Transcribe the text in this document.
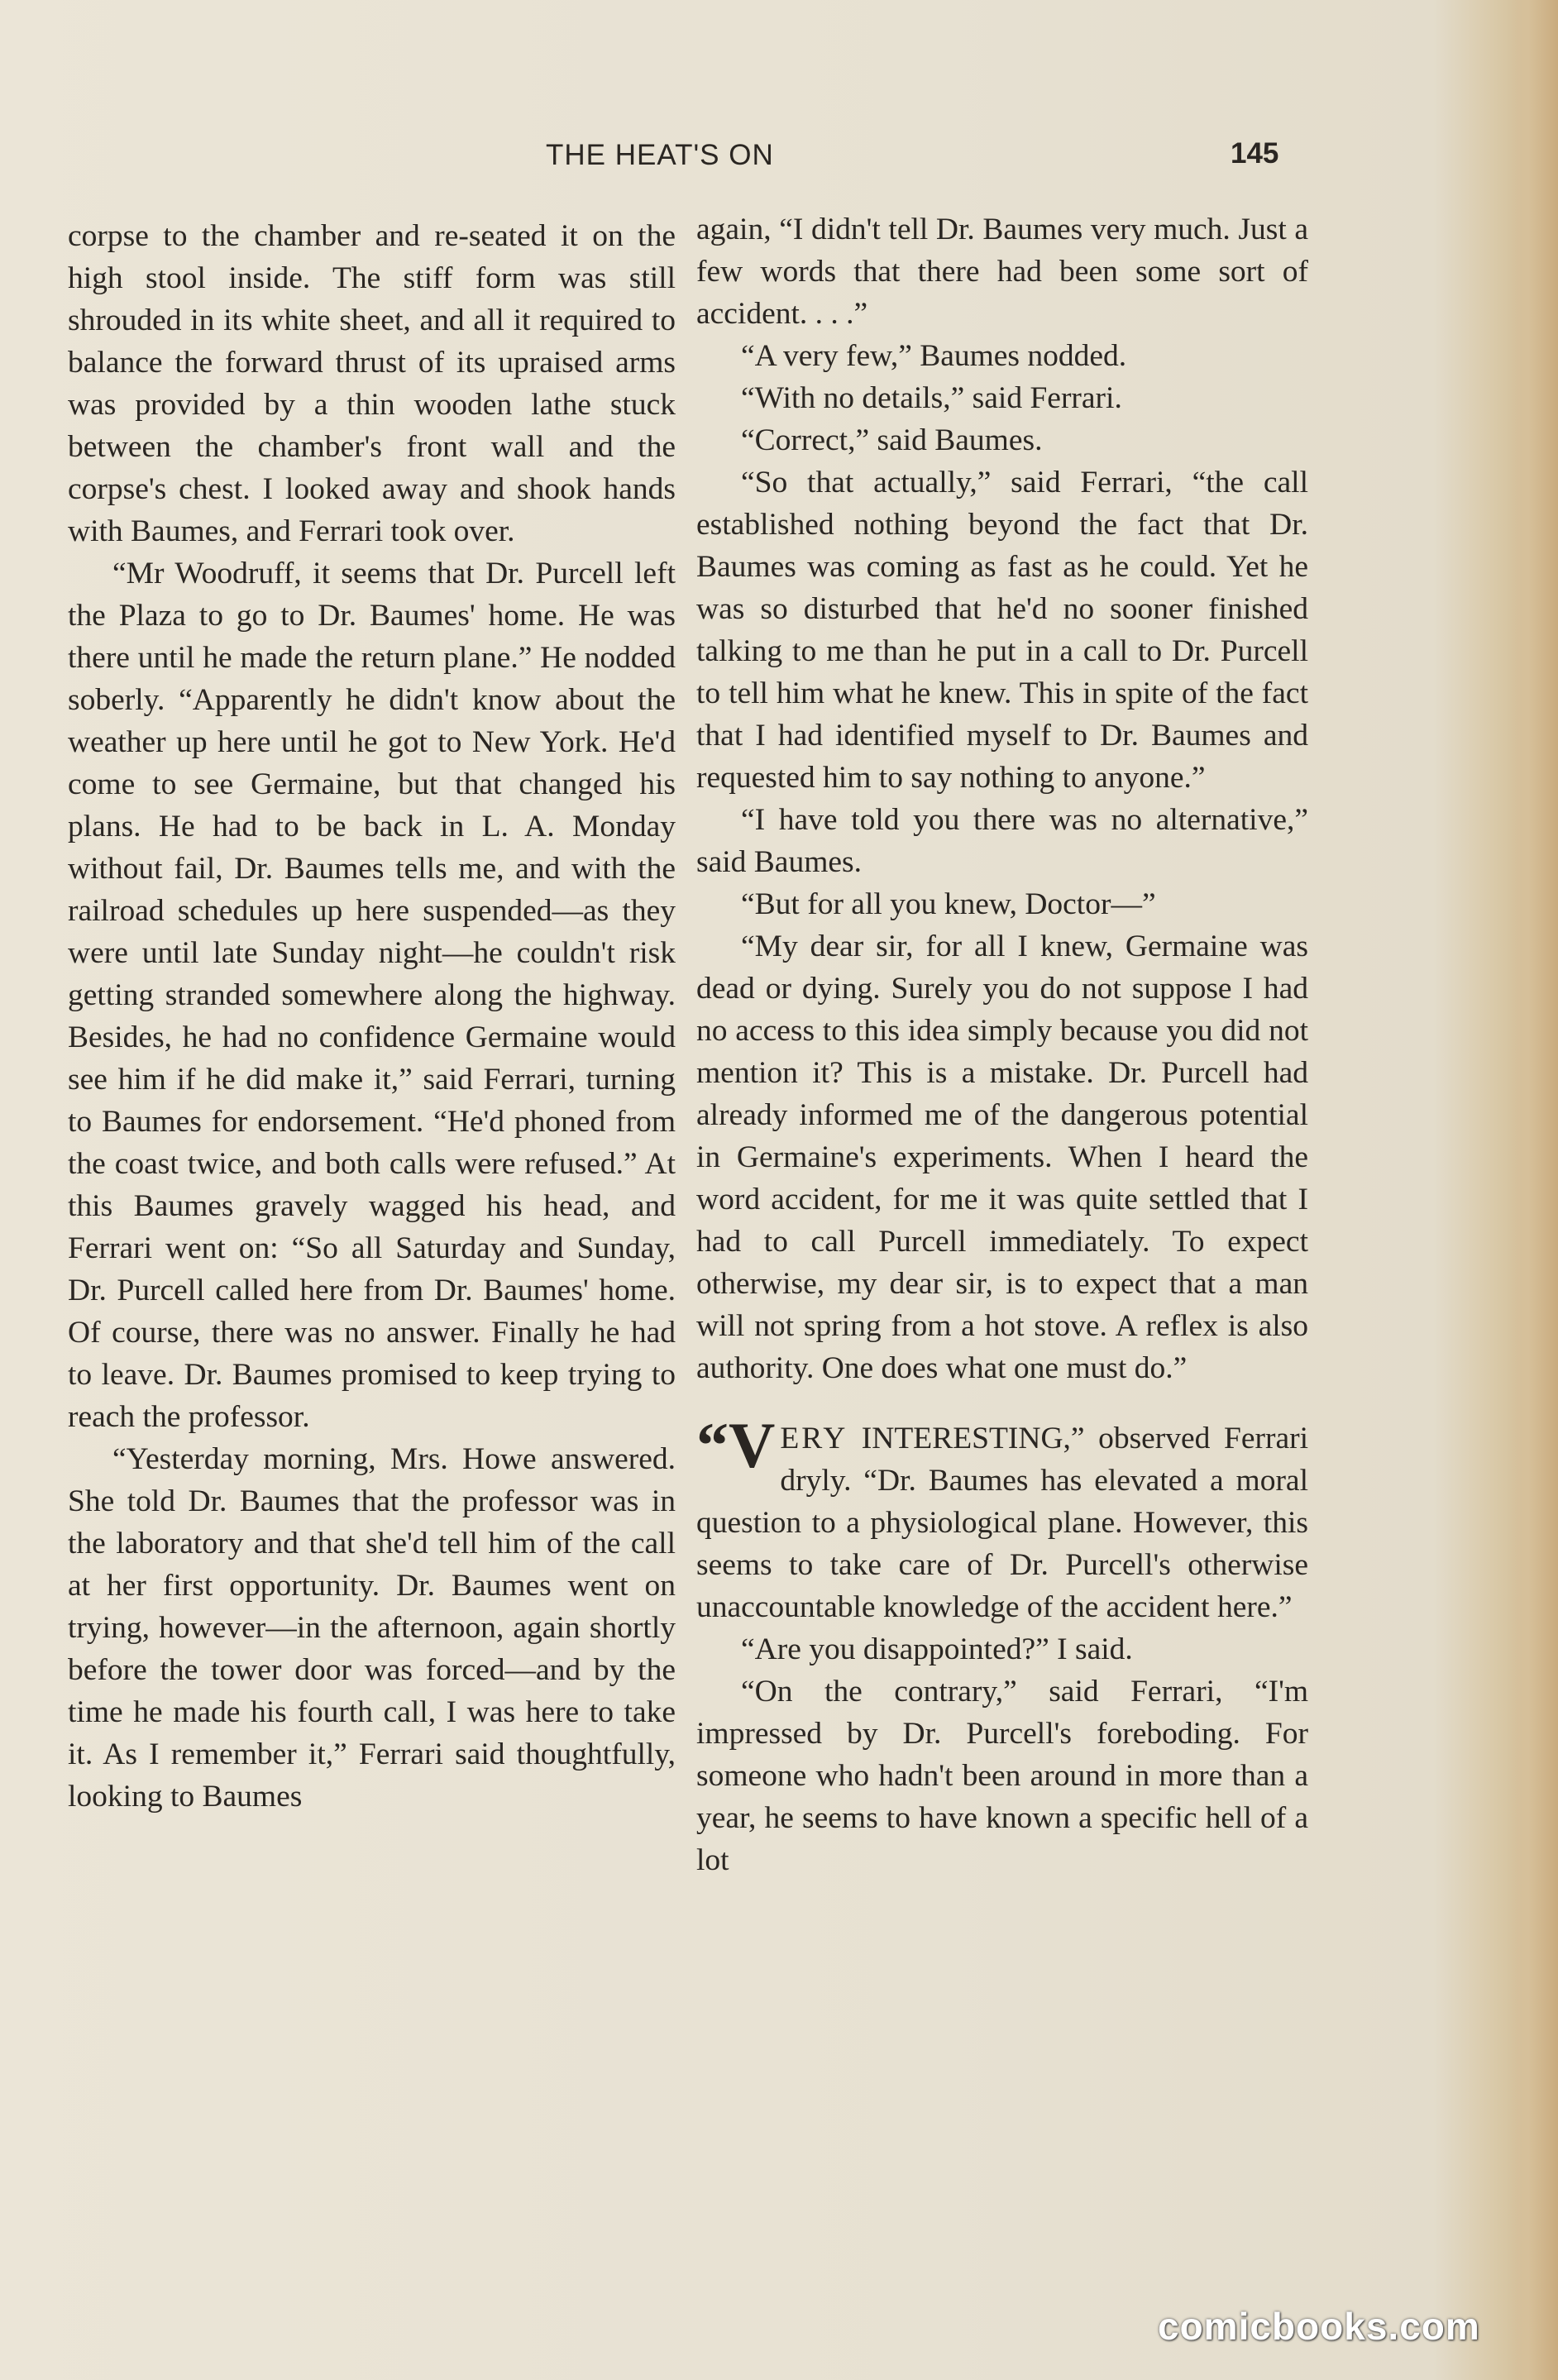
THE HEAT'S ON	145

corpse to the chamber and re-seated it on the high stool inside. The stiff form was still shrouded in its white sheet, and all it required to balance the forward thrust of its upraised arms was provided by a thin wooden lathe stuck between the chamber's front wall and the corpse's chest. I looked away and shook hands with Baumes, and Ferrari took over.

“Mr Woodruff, it seems that Dr. Purcell left the Plaza to go to Dr. Baumes' home. He was there until he made the return plane.” He nodded soberly. “Apparently he didn't know about the weather up here until he got to New York. He'd come to see Germaine, but that changed his plans. He had to be back in L. A. Monday without fail, Dr. Baumes tells me, and with the railroad schedules up here suspended—as they were until late Sunday night—he couldn't risk getting stranded somewhere along the highway. Besides, he had no confidence Germaine would see him if he did make it,” said Ferrari, turning to Baumes for endorsement. “He'd phoned from the coast twice, and both calls were refused.” At this Baumes gravely wagged his head, and Ferrari went on: “So all Saturday and Sunday, Dr. Purcell called here from Dr. Baumes' home. Of course, there was no answer. Finally he had to leave. Dr. Baumes promised to keep trying to reach the professor.

“Yesterday morning, Mrs. Howe answered. She told Dr. Baumes that the professor was in the laboratory and that she'd tell him of the call at her first opportunity. Dr. Baumes went on trying, however—in the afternoon, again shortly before the tower door was forced—and by the time he made his fourth call, I was here to take it. As I remember it,” Ferrari said thoughtfully, looking to Baumes

again, “I didn't tell Dr. Baumes very much. Just a few words that there had been some sort of accident. . . .”

“A very few,” Baumes nodded.

“With no details,” said Ferrari.

“Correct,” said Baumes.

“So that actually,” said Ferrari, “the call established nothing beyond the fact that Dr. Baumes was coming as fast as he could. Yet he was so disturbed that he'd no sooner finished talking to me than he put in a call to Dr. Purcell to tell him what he knew. This in spite of the fact that I had identified myself to Dr. Baumes and requested him to say nothing to anyone.”

“I have told you there was no alternative,” said Baumes.

“But for all you knew, Doctor—”

“My dear sir, for all I knew, Germaine was dead or dying. Surely you do not suppose I had no access to this idea simply because you did not mention it? This is a mistake. Dr. Purcell had already informed me of the dangerous potential in Germaine's experiments. When I heard the word accident, for me it was quite settled that I had to call Purcell immediately. To expect otherwise, my dear sir, is to expect that a man will not spring from a hot stove. A reflex is also authority. One does what one must do.”

“V ERY INTERESTING,” observed Ferrari dryly. “Dr. Baumes has elevated a moral question to a physiological plane. However, this seems to take care of Dr. Purcell's otherwise unaccountable knowledge of the accident here.”

“Are you disappointed?” I said.

“On the contrary,” said Ferrari, “I'm impressed by Dr. Purcell's foreboding. For someone who hadn't been around in more than a year, he seems to have known a specific hell of a lot

comicbooks.com
